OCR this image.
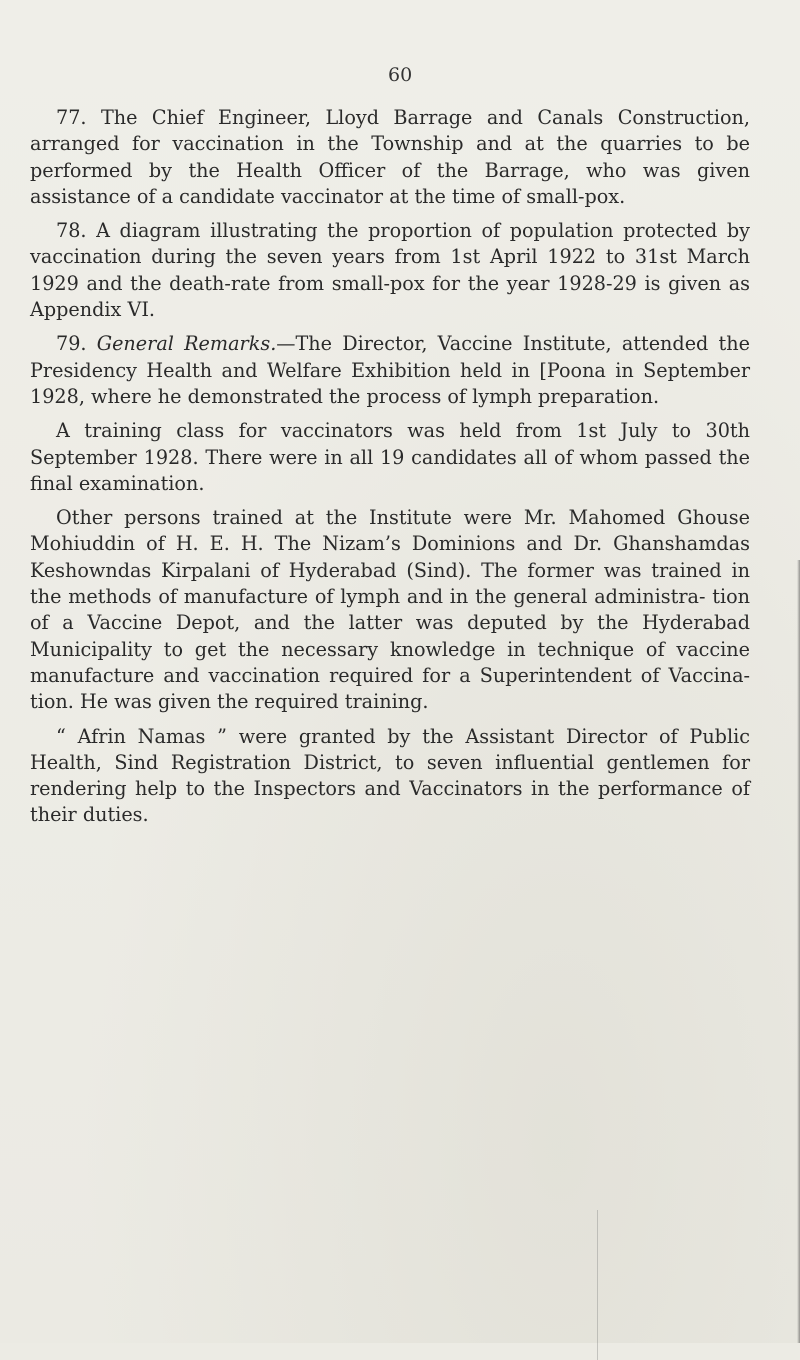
60

77. The Chief Engineer, Lloyd Barrage and Canals Construction, arranged for vaccination in the Township and at the quarries to be performed by the Health Officer of the Barrage, who was given assistance of a candidate vaccinator at the time of small-pox.

78. A diagram illustrating the proportion of population protected by vaccination during the seven years from 1st April 1922 to 31st March 1929 and the death-rate from small-pox for the year 1928-29 is given as Appendix VI.

79. General Remarks.—The Director, Vaccine Institute, attended the Presidency Health and Welfare Exhibition held in [Poona in September 1928, where he demonstrated the process of lymph preparation.

A training class for vaccinators was held from 1st July to 30th September 1928. There were in all 19 candidates all of whom passed the final examination.

Other persons trained at the Institute were Mr. Mahomed Ghouse Mohiuddin of H. E. H. The Nizam’s Dominions and Dr. Ghanshamdas Keshowndas Kirpalani of Hyderabad (Sind). The former was trained in the methods of manufacture of lymph and in the general administra- tion of a Vaccine Depot, and the latter was deputed by the Hyderabad Municipality to get the necessary knowledge in technique of vaccine manufacture and vaccination required for a Superintendent of Vaccina- tion. He was given the required training.

“ Afrin Namas ” were granted by the Assistant Director of Public Health, Sind Registration District, to seven influential gentlemen for rendering help to the Inspectors and Vaccinators in the performance of their duties.
